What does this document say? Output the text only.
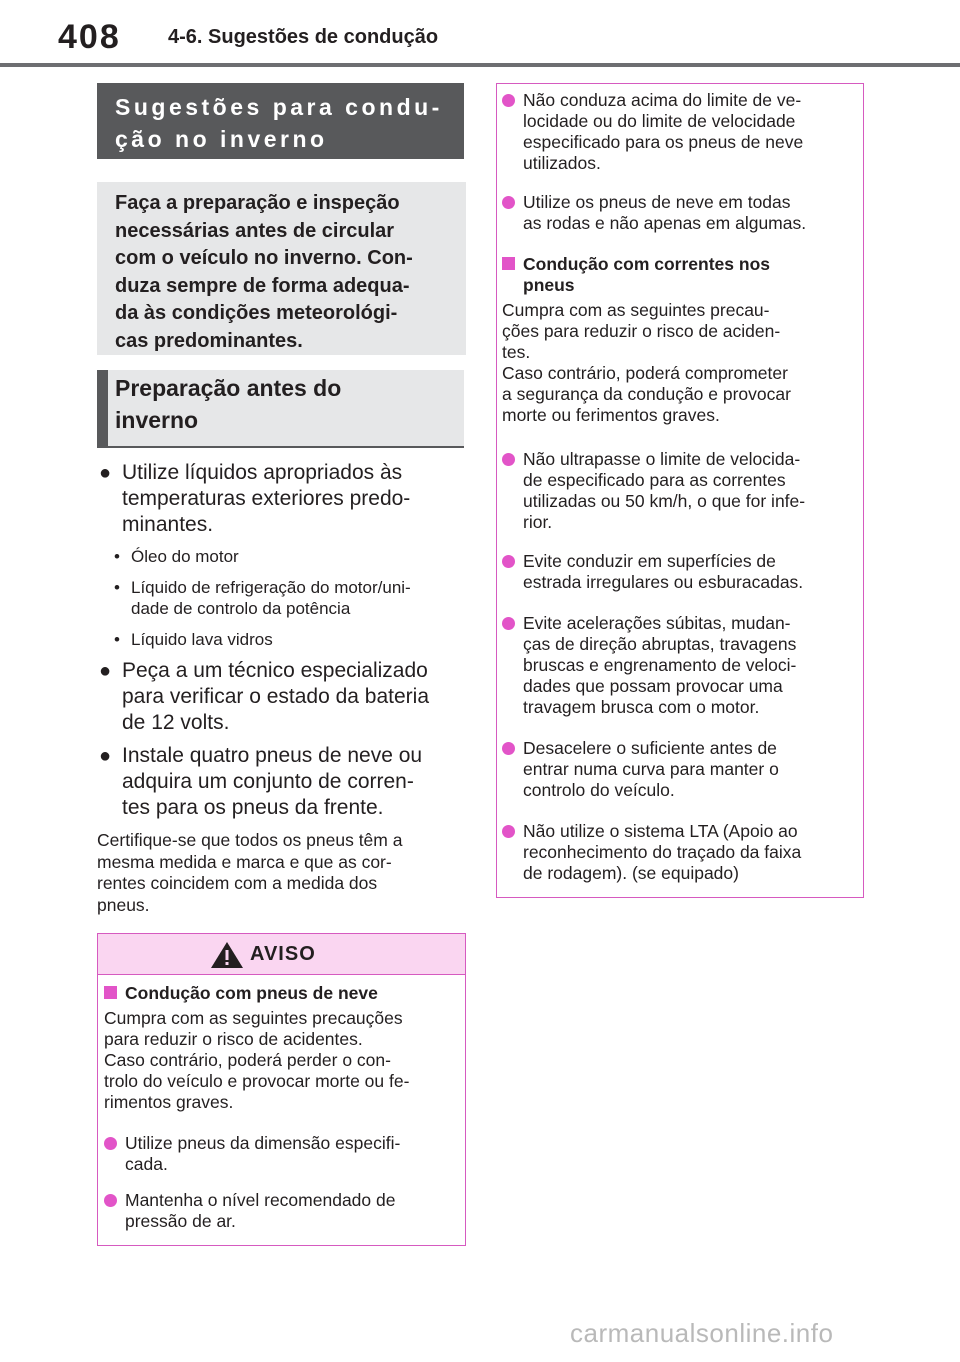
408 4-6. Sugestões de condução
Sugestões para condu-
ção no inverno
Faça a preparação e inspeção
necessárias antes de circular
com o veículo no inverno. Con-
duza sempre de forma adequa-
da às condições meteorológi-
cas predominantes.
Preparação antes do
inverno
● Utilize líquidos apropriados às
temperaturas exteriores predo-
minantes.
• Óleo do motor
• Líquido de refrigeração do motor/uni-
dade de controlo da potência
• Líquido lava vidros
● Peça a um técnico especializado
para verificar o estado da bateria
de 12 volts.
● Instale quatro pneus de neve ou
adquira um conjunto de corren-
tes para os pneus da frente.
Certifique-se que todos os pneus têm a
mesma medida e marca e que as cor-
rentes coincidem com a medida dos
pneus.
AVISO
Condução com pneus de neve
Cumpra com as seguintes precauções
para reduzir o risco de acidentes.
Caso contrário, poderá perder o con-
trolo do veículo e provocar morte ou fe-
rimentos graves.
Utilize pneus da dimensão especifi-
cada.
Mantenha o nível recomendado de
pressão de ar.
Não conduza acima do limite de ve-
locidade ou do limite de velocidade
especificado para os pneus de neve
utilizados.
Utilize os pneus de neve em todas
as rodas e não apenas em algumas.
Condução com correntes nos
pneus
Cumpra com as seguintes precau-
ções para reduzir o risco de aciden-
tes.
Caso contrário, poderá comprometer
a segurança da condução e provocar
morte ou ferimentos graves.
Não ultrapasse o limite de velocida-
de especificado para as correntes
utilizadas ou 50 km/h, o que for infe-
rior.
Evite conduzir em superfícies de
estrada irregulares ou esburacadas.
Evite acelerações súbitas, mudan-
ças de direção abruptas, travagens
bruscas e engrenamento de veloci-
dades que possam provocar uma
travagem brusca com o motor.
Desacelere o suficiente antes de
entrar numa curva para manter o
controlo do veículo.
Não utilize o sistema LTA (Apoio ao
reconhecimento do traçado da faixa
de rodagem). (se equipado)
carmanualsonline.info
